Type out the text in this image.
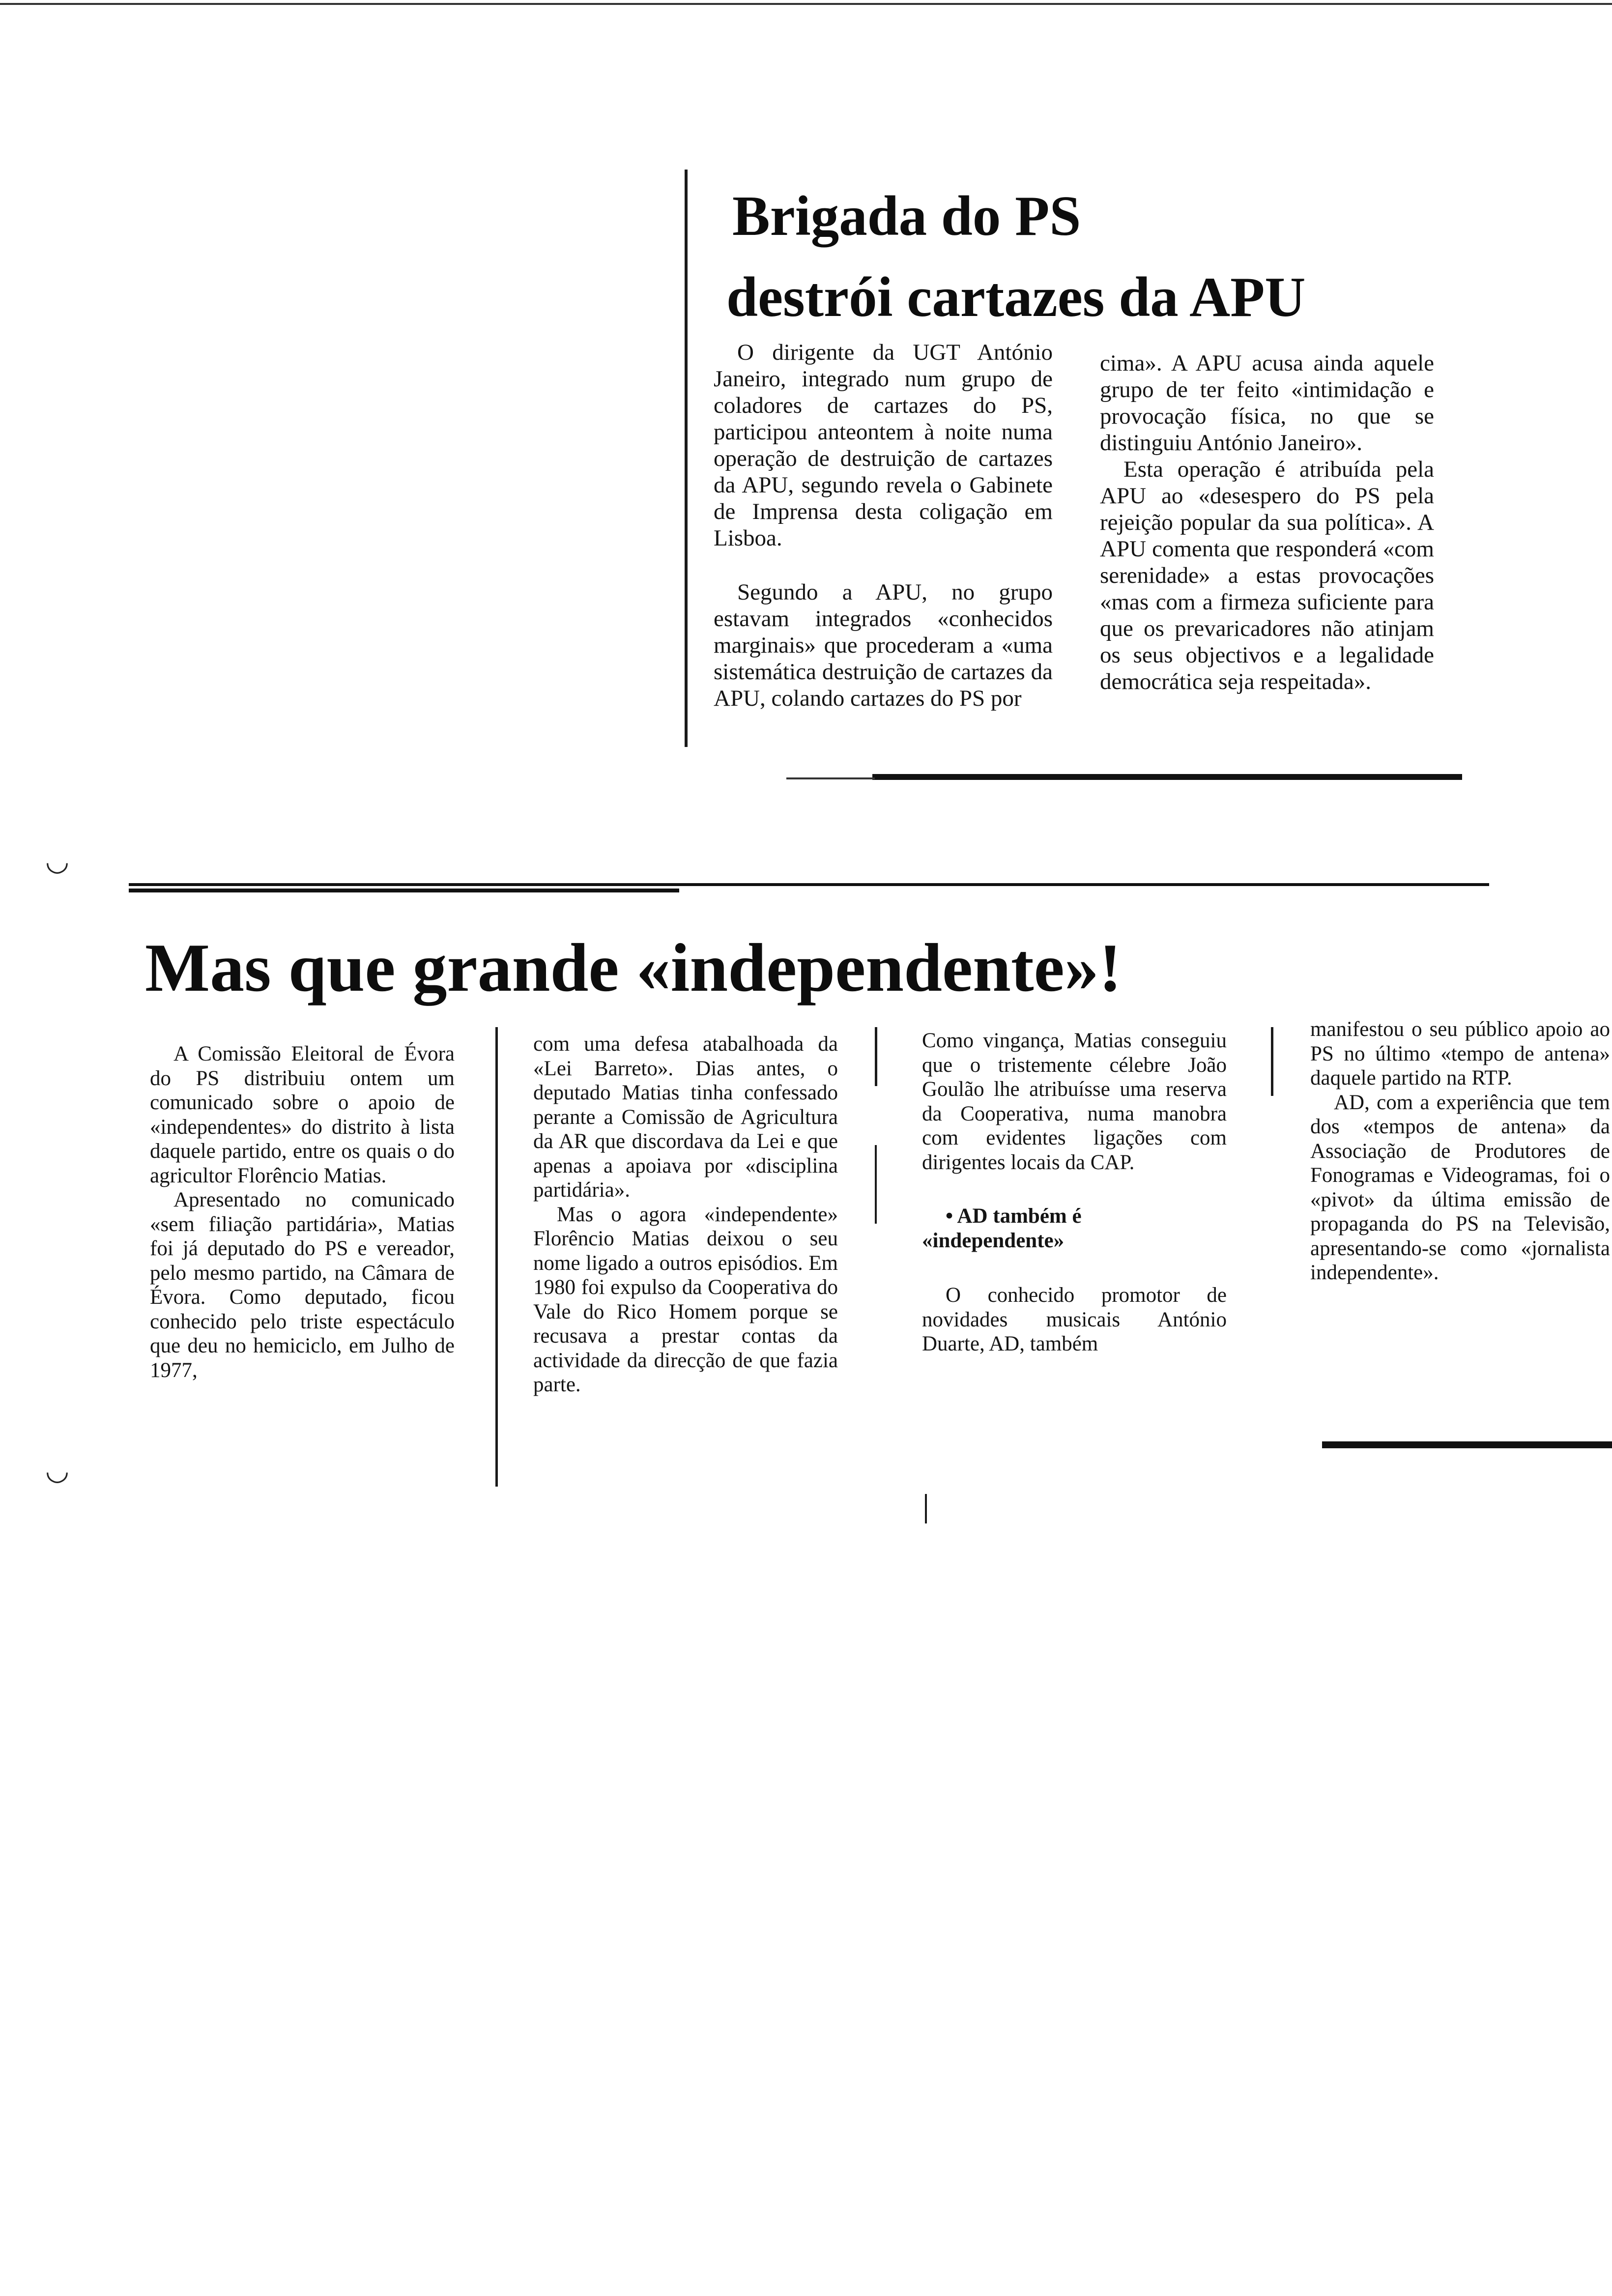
Brigada do PS
destrói cartazes da APU

O dirigente da UGT António Janeiro, integrado num grupo de coladores de cartazes do PS, participou anteontem à noite numa operação de destruição de cartazes da APU, segundo revela o Gabinete de Imprensa desta coligação em Lisboa.

Segundo a APU, no grupo estavam integrados «conhecidos marginais» que procederam a «uma sistemática destruição de cartazes da APU, colando cartazes do PS por

cima». A APU acusa ainda aquele grupo de ter feito «intimidação e provocação física, no que se distinguiu António Janeiro».

Esta operação é atribuída pela APU ao «desespero do PS pela rejeição popular da sua política». A APU comenta que responderá «com serenidade» a estas provocações «mas com a firmeza suficiente para que os prevaricadores não atinjam os seus objectivos e a legalidade democrática seja respeitada».

◡
◡
Mas que grande «independente»!

A Comissão Eleitoral de Évora do PS distribuiu ontem um comunicado sobre o apoio de «independentes» do distrito à lista daquele partido, entre os quais o do agricultor Florêncio Matias.

Apresentado no comunicado «sem filiação partidária», Matias foi já deputado do PS e vereador, pelo mesmo partido, na Câmara de Évora. Como deputado, ficou conhecido pelo triste espectáculo que deu no hemiciclo, em Julho de 1977,

com uma defesa atabalhoada da «Lei Barreto». Dias antes, o deputado Matias tinha confessado perante a Comissão de Agricultura da AR que discordava da Lei e que apenas a apoiava por «disciplina partidária».

Mas o agora «independente» Florêncio Matias deixou o seu nome ligado a outros episódios. Em 1980 foi expulso da Cooperativa do Vale do Rico Homem porque se recusava a prestar contas da actividade da direcção de que fazia parte.

Como vingança, Matias conseguiu que o tristemente célebre João Goulão lhe atribuísse uma reserva da Cooperativa, numa manobra com evidentes ligações com dirigentes locais da CAP.

• AD também é «independente»

O conhecido promotor de novidades musicais António Duarte, AD, também

manifestou o seu público apoio ao PS no último «tempo de antena» daquele partido na RTP.

AD, com a experiência que tem dos «tempos de antena» da Associação de Produtores de Fonogramas e Videogramas, foi o «pivot» da última emissão de propaganda do PS na Televisão, apresentando-se como «jornalista independente».
